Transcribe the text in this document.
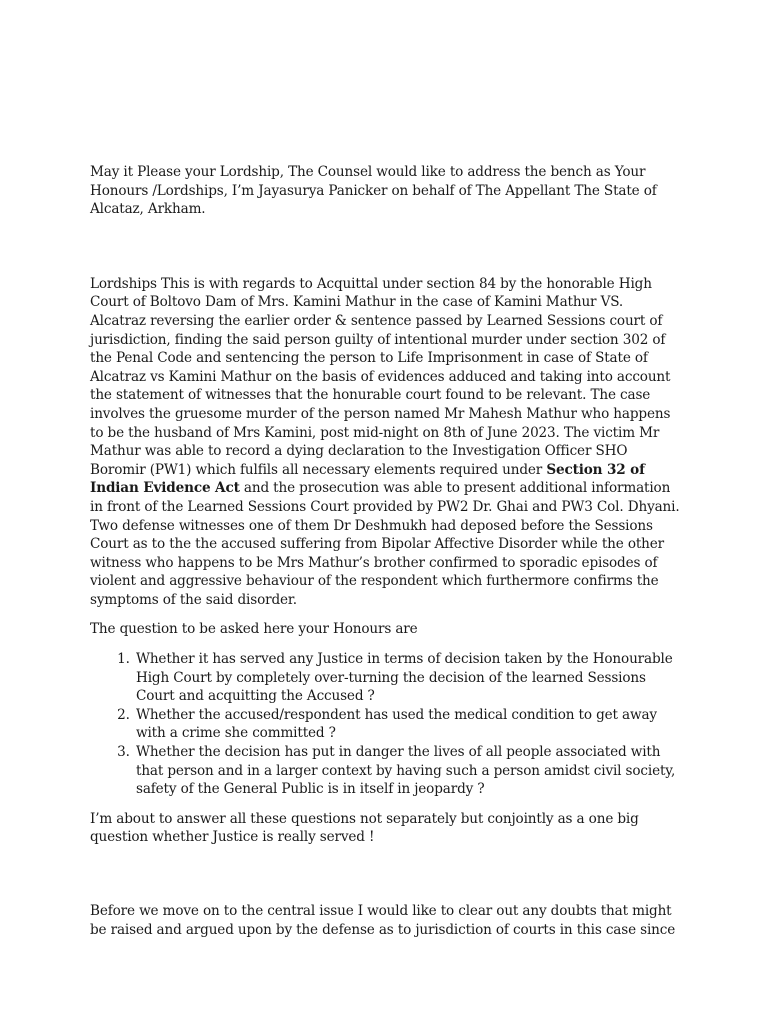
May it Please your Lordship, The Counsel would like to address the bench as Your Honours /Lordships, I’m Jayasurya Panicker on behalf of The Appellant The State of Alcataz, Arkham.

Lordships This is with regards to Acquittal under section 84 by the honorable High Court of Boltovo Dam of Mrs. Kamini Mathur in the case of Kamini Mathur VS. Alcatraz reversing the earlier order & sentence passed by Learned Sessions court of jurisdiction, finding the said person guilty of intentional murder under section 302 of the Penal Code and sentencing the person to Life Imprisonment in case of State of Alcatraz vs Kamini Mathur on the basis of evidences adduced and taking into account the statement of witnesses that the honurable court found to be relevant. The case involves the gruesome murder of the person named Mr Mahesh Mathur who happens to be the husband of Mrs Kamini, post mid-night on 8th of June 2023. The victim Mr Mathur was able to record a dying declaration to the Investigation Officer SHO Boromir (PW1) which fulfils all necessary elements required under Section 32 of Indian Evidence Act and the prosecution was able to present additional information in front of the Learned Sessions Court provided by PW2 Dr. Ghai and PW3 Col. Dhyani. Two defense witnesses one of them Dr Deshmukh had deposed before the Sessions Court as to the the accused suffering from Bipolar Affective Disorder while the other witness who happens to be Mrs Mathur’s brother confirmed to sporadic episodes of violent and aggressive behaviour of the respondent which furthermore confirms the symptoms of the said disorder.

The question to be asked here your Honours are

1. Whether it has served any Justice in terms of decision taken by the Honourable High Court by completely over-turning the decision of the learned Sessions Court and acquitting the Accused ?
2. Whether the accused/respondent has used the medical condition to get away with a crime she committed ?
3. Whether the decision has put in danger the lives of all people associated with that person and in a larger context by having such a person amidst civil society, safety of the General Public is in itself in jeopardy ?

I’m about to answer all these questions not separately but conjointly as a one big question whether Justice is really served !

Before we move on to the central issue I would like to clear out any doubts that might be raised and argued upon by the defense as to jurisdiction of courts in this case since
